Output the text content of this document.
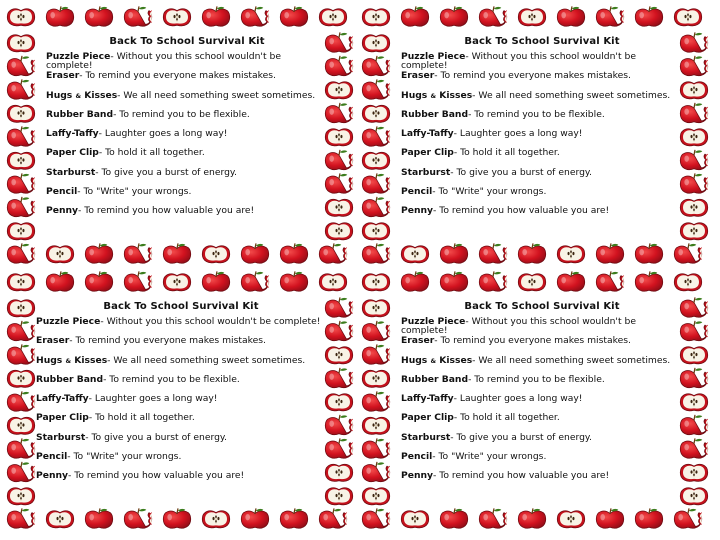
Back To School Survival Kit
Puzzle Piece- Without you this school wouldn't be complete!
Eraser- To remind you everyone makes mistakes.
Hugs & Kisses- We all need something sweet sometimes.
Rubber Band- To remind you to be flexible.
Laffy-Taffy- Laughter goes a long way!
Paper Clip- To hold it all together.
Starburst- To give you a burst of energy.
Pencil- To "Write" your wrongs.
Penny- To remind you how valuable you are!
Back To School Survival Kit
Puzzle Piece- Without you this school wouldn't be complete!
Eraser- To remind you everyone makes mistakes.
Hugs & Kisses- We all need something sweet sometimes.
Rubber Band- To remind you to be flexible.
Laffy-Taffy- Laughter goes a long way!
Paper Clip- To hold it all together.
Starburst- To give you a burst of energy.
Pencil- To "Write" your wrongs.
Penny- To remind you how valuable you are!
Back To School Survival Kit
Puzzle Piece- Without you this school wouldn't be complete!
Eraser- To remind you everyone makes mistakes.
Hugs & Kisses- We all need something sweet sometimes.
Rubber Band- To remind you to be flexible.
Laffy-Taffy- Laughter goes a long way!
Paper Clip- To hold it all together.
Starburst- To give you a burst of energy.
Pencil- To "Write" your wrongs.
Penny- To remind you how valuable you are!
Back To School Survival Kit
Puzzle Piece- Without you this school wouldn't be complete!
Eraser- To remind you everyone makes mistakes.
Hugs & Kisses- We all need something sweet sometimes.
Rubber Band- To remind you to be flexible.
Laffy-Taffy- Laughter goes a long way!
Paper Clip- To hold it all together.
Starburst- To give you a burst of energy.
Pencil- To "Write" your wrongs.
Penny- To remind you how valuable you are!
